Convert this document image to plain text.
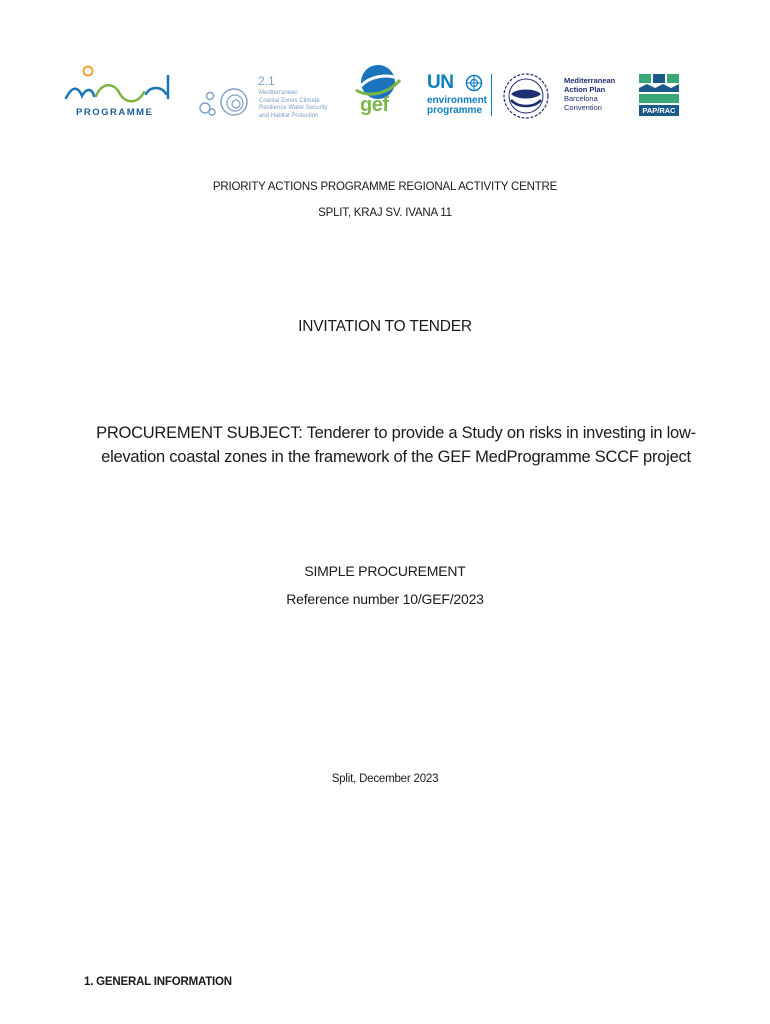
PROGRAMME
2.1
Mediterranean
Coastal Zones Climate
Resilience Water Security
and Habitat Protection	gef
UN
environment
programme
Mediterranean
Action Plan
Barcelona
Convention	PAP/RAC
PRIORITY ACTIONS PROGRAMME REGIONAL ACTIVITY CENTRE
SPLIT, KRAJ SV. IVANA 11
INVITATION TO TENDER
PROCUREMENT SUBJECT: Tenderer to provide a Study on risks in investing in low-elevation coastal zones in the framework of the GEF MedProgramme SCCF project
SIMPLE PROCUREMENT
Reference number 10/GEF/2023
Split, December 2023
1. GENERAL INFORMATION
